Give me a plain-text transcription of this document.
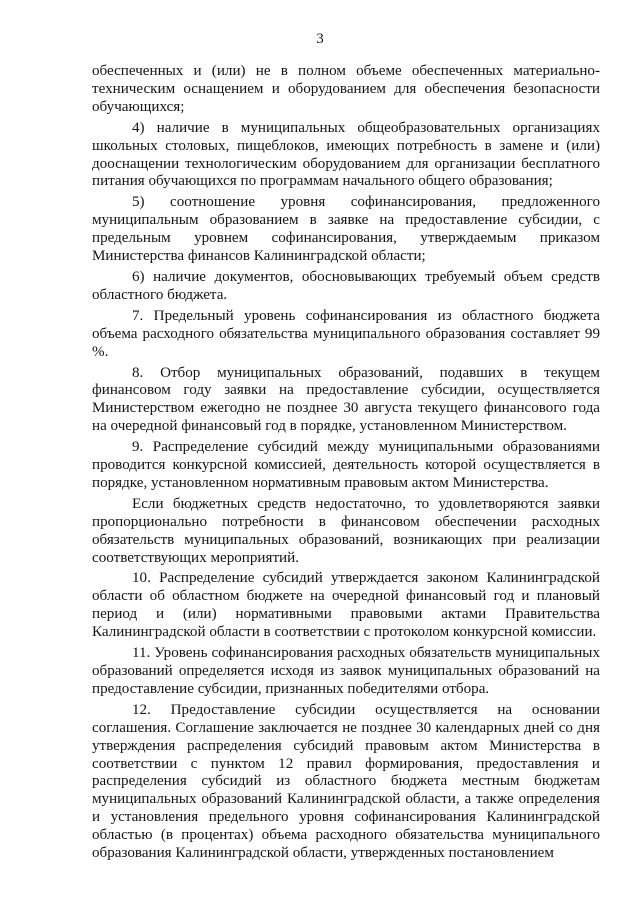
3

обеспеченных и (или) не в полном объеме обеспеченных материально-техническим оснащением и оборудованием для обеспечения безопасности обучающихся;

4) наличие в муниципальных общеобразовательных организациях школьных столовых, пищеблоков, имеющих потребность в замене и (или) дооснащении технологическим оборудованием для организации бесплатного питания обучающихся по программам начального общего образования;

5) соотношение уровня софинансирования, предложенного муниципальным образованием в заявке на предоставление субсидии, с предельным уровнем софинансирования, утверждаемым приказом Министерства финансов Калининградской области;

6) наличие документов, обосновывающих требуемый объем средств областного бюджета.

7. Предельный уровень софинансирования из областного бюджета объема расходного обязательства муниципального образования составляет 99 %.

8. Отбор муниципальных образований, подавших в текущем финансовом году заявки на предоставление субсидии, осуществляется Министерством ежегодно не позднее 30 августа текущего финансового года на очередной финансовый год в порядке, установленном Министерством.

9. Распределение субсидий между муниципальными образованиями проводится конкурсной комиссией, деятельность которой осуществляется в порядке, установленном нормативным правовым актом Министерства.

Если бюджетных средств недостаточно, то удовлетворяются заявки пропорционально потребности в финансовом обеспечении расходных обязательств муниципальных образований, возникающих при реализации соответствующих мероприятий.

10. Распределение субсидий утверждается законом Калининградской области об областном бюджете на очередной финансовый год и плановый период и (или) нормативными правовыми актами Правительства Калининградской области в соответствии с протоколом конкурсной комиссии.

11. Уровень софинансирования расходных обязательств муниципальных образований определяется исходя из заявок муниципальных образований на предоставление субсидии, признанных победителями отбора.

12. Предоставление субсидии осуществляется на основании соглашения. Соглашение заключается не позднее 30 календарных дней со дня утверждения распределения субсидий правовым актом Министерства в соответствии с пунктом 12 правил формирования, предоставления и распределения субсидий из областного бюджета местным бюджетам муниципальных образований Калининградской области, а также определения и установления предельного уровня софинансирования Калининградской областью (в процентах) объема расходного обязательства муниципального образования Калининградской области, утвержденных постановлением
